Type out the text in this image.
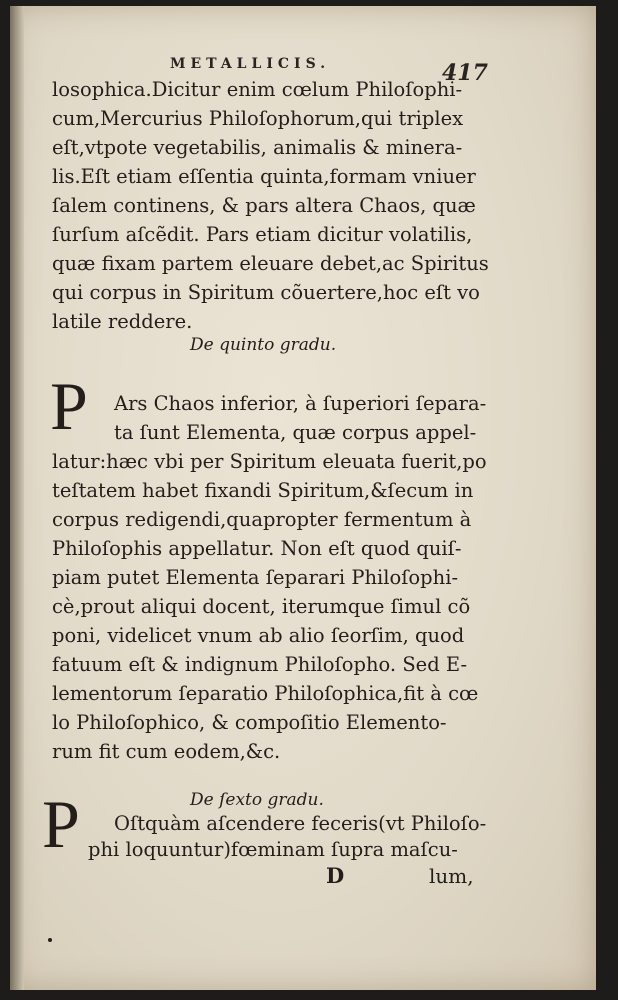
METALLICIS.	417

losophica.Dicitur enim cœlum Philoſophi-

cum,Mercurius Philoſophorum,qui triplex

eſt,vtpote vegetabilis, animalis & minera-

lis.Eſt etiam eſſentia quinta,formam vniuer

ſalem continens, & pars altera Chaos, quæ

ſurſum aſcẽdit. Pars etiam dicitur volatilis,

quæ fixam partem eleuare debet,ac Spiritus

qui corpus in Spiritum cõuertere,hoc eſt vo

latile reddere.

De quinto gradu.

P Ars Chaos inferior, à ſuperiori ſepara-

ta ſunt Elementa, quæ corpus appel-

latur:hæc vbi per Spiritum eleuata fuerit,po

teſtatem habet fixandi Spiritum,&ſecum in

corpus redigendi,quapropter fermentum à

Philoſophis appellatur. Non eſt quod quiſ-

piam putet Elementa ſeparari Philoſophi-

cè,prout aliqui docent, iterumque ſimul cõ

poni, videlicet vnum ab alio ſeorſim, quod

fatuum eſt & indignum Philoſopho. Sed E-

lementorum ſeparatio Philoſophica,fit à cœ

lo Philoſophico, & compoſitio Elemento-

rum fit cum eodem,&c.

De ſexto gradu.

P Oſtquàm aſcendere feceris(vt Philoſo-

phi loquuntur)fœminam ſupra maſcu-

D	lum,
